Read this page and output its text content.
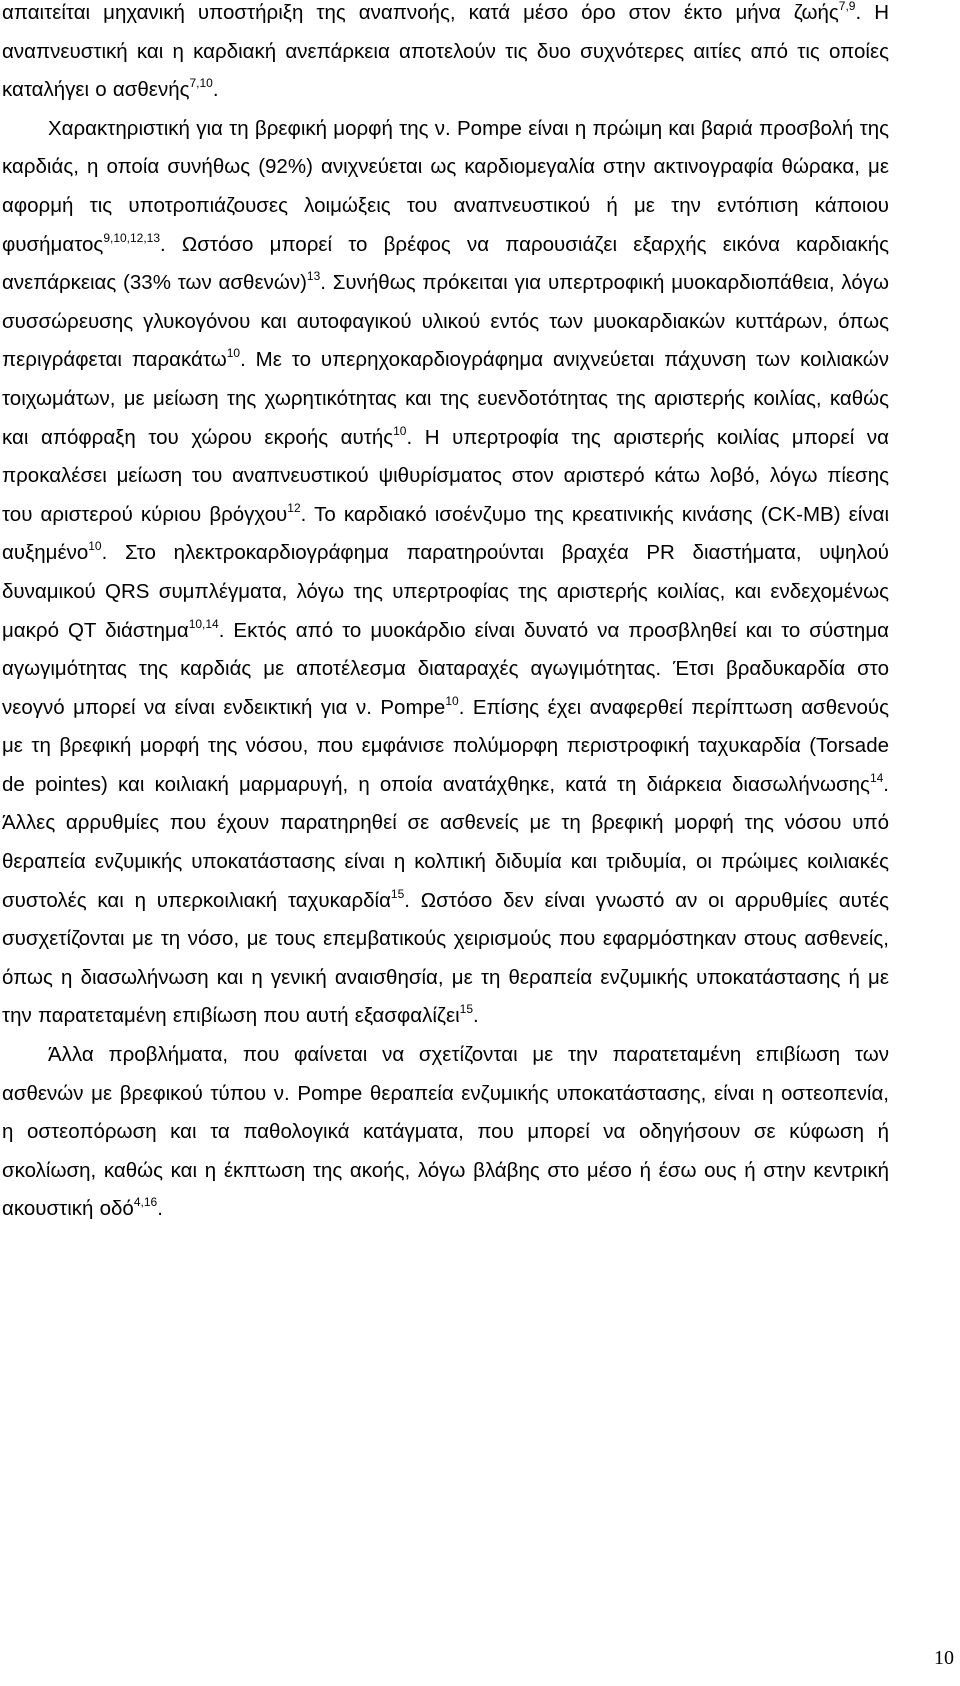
απαιτείται μηχανική υποστήριξη της αναπνοής, κατά μέσο όρο στον έκτο μήνα ζωής$^{7,9}$. Η αναπνευστική και η καρδιακή ανεπάρκεια αποτελούν τις δυο συχνότερες αιτίες από τις οποίες καταλήγει ο ασθενής$^{7,10}$.

Χαρακτηριστική για τη βρεφική μορφή της ν. Pompe είναι η πρώιμη και βαριά προσβολή της καρδιάς, η οποία συνήθως (92%) ανιχνεύεται ως καρδιομεγαλία στην ακτινογραφία θώρακα, με αφορμή τις υποτροπιάζουσες λοιμώξεις του αναπνευστικού ή με την εντόπιση κάποιου φυσήματος$^{9,10,12,13}$. Ωστόσο μπορεί το βρέφος να παρουσιάζει εξαρχής εικόνα καρδιακής ανεπάρκειας (33% των ασθενών)$^{13}$. Συνήθως πρόκειται για υπερτροφική μυοκαρδιοπάθεια, λόγω συσσώρευσης γλυκογόνου και αυτοφαγικού υλικού εντός των μυοκαρδιακών κυττάρων, όπως περιγράφεται παρακάτω$^{10}$. Με το υπερηχοκαρδιογράφημα ανιχνεύεται πάχυνση των κοιλιακών τοιχωμάτων, με μείωση της χωρητικότητας και της ευενδοτότητας της αριστερής κοιλίας, καθώς και απόφραξη του χώρου εκροής αυτής$^{10}$. Η υπερτροφία της αριστερής κοιλίας μπορεί να προκαλέσει μείωση του αναπνευστικού ψιθυρίσματος στον αριστερό κάτω λοβό, λόγω πίεσης του αριστερού κύριου βρόγχου$^{12}$. Το καρδιακό ισοένζυμο της κρεατινικής κινάσης (CK-MB) είναι αυξημένο$^{10}$. Στο ηλεκτροκαρδιογράφημα παρατηρούνται βραχέα PR διαστήματα, υψηλού δυναμικού QRS συμπλέγματα, λόγω της υπερτροφίας της αριστερής κοιλίας, και ενδεχομένως μακρό QT διάστημα$^{10,14}$. Εκτός από το μυοκάρδιο είναι δυνατό να προσβληθεί και το σύστημα αγωγιμότητας της καρδιάς με αποτέλεσμα διαταραχές αγωγιμότητας. Έτσι βραδυκαρδία στο νεογνό μπορεί να είναι ενδεικτική για ν. Pompe$^{10}$. Επίσης έχει αναφερθεί περίπτωση ασθενούς με τη βρεφική μορφή της νόσου, που εμφάνισε πολύμορφη περιστροφική ταχυκαρδία (Torsade de pointes) και κοιλιακή μαρμαρυγή, η οποία ανατάχθηκε, κατά τη διάρκεια διασωλήνωσης$^{14}$. Άλλες αρρυθμίες που έχουν παρατηρηθεί σε ασθενείς με τη βρεφική μορφή της νόσου υπό θεραπεία ενζυμικής υποκατάστασης είναι η κολπική διδυμία και τριδυμία, οι πρώιμες κοιλιακές συστολές και η υπερκοιλιακή ταχυκαρδία$^{15}$. Ωστόσο δεν είναι γνωστό αν οι αρρυθμίες αυτές συσχετίζονται με τη νόσο, με τους επεμβατικούς χειρισμούς που εφαρμόστηκαν στους ασθενείς, όπως η διασωλήνωση και η γενική αναισθησία, με τη θεραπεία ενζυμικής υποκατάστασης ή με την παρατεταμένη επιβίωση που αυτή εξασφαλίζει$^{15}$.

Άλλα προβλήματα, που φαίνεται να σχετίζονται με την παρατεταμένη επιβίωση των ασθενών με βρεφικού τύπου ν. Pompe θεραπεία ενζυμικής υποκατάστασης, είναι η οστεοπενία, η οστεοπόρωση και τα παθολογικά κατάγματα, που μπορεί να οδηγήσουν σε κύφωση ή σκολίωση, καθώς και η έκπτωση της ακοής, λόγω βλάβης στο μέσο ή έσω ους ή στην κεντρική ακουστική οδό$^{4,16}$.

10
